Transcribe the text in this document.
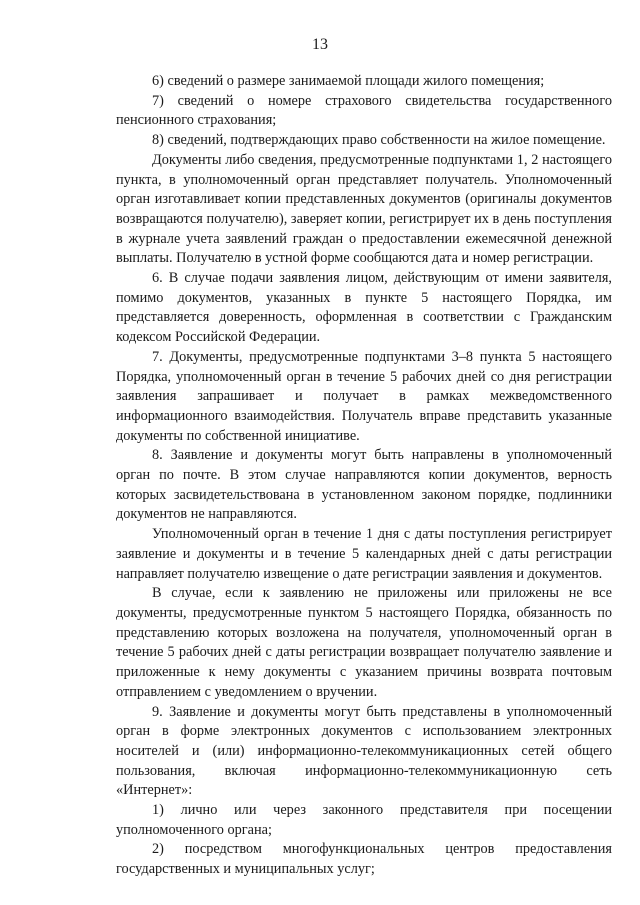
13

6) сведений о размере занимаемой площади жилого помещения;

7) сведений о номере страхового свидетельства государственного пенсионного страхования;

8) сведений, подтверждающих право собственности на жилое помещение.

Документы либо сведения, предусмотренные подпунктами 1, 2 настоящего пункта, в уполномоченный орган представляет получатель. Уполномоченный орган изготавливает копии представленных документов (оригиналы документов возвращаются получателю), заверяет копии, регистрирует их в день поступления в журнале учета заявлений граждан о предоставлении ежемесячной денежной выплаты. Получателю в устной форме сообщаются дата и номер регистрации.

6. В случае подачи заявления лицом, действующим от имени заявителя, помимо документов, указанных в пункте 5 настоящего Порядка, им представляется доверенность, оформленная в соответствии с Гражданским кодексом Российской Федерации.

7. Документы, предусмотренные подпунктами 3–8 пункта 5 настоящего Порядка, уполномоченный орган в течение 5 рабочих дней со дня регистрации заявления запрашивает и получает в рамках межведомственного информационного взаимодействия. Получатель вправе представить указанные документы по собственной инициативе.

8. Заявление и документы могут быть направлены в уполномоченный орган по почте. В этом случае направляются копии документов, верность которых засвидетельствована в установленном законом порядке, подлинники документов не направляются.

Уполномоченный орган в течение 1 дня с даты поступления регистрирует заявление и документы и в течение 5 календарных дней с даты регистрации направляет получателю извещение о дате регистрации заявления и документов.

В случае, если к заявлению не приложены или приложены не все документы, предусмотренные пунктом 5 настоящего Порядка, обязанность по представлению которых возложена на получателя, уполномоченный орган в течение 5 рабочих дней с даты регистрации возвращает получателю заявление и приложенные к нему документы с указанием причины возврата почтовым отправлением с уведомлением о вручении.

9. Заявление и документы могут быть представлены в уполномоченный орган в форме электронных документов с использованием электронных носителей и (или) информационно-телекоммуникационных сетей общего пользования, включая информационно-телекоммуникационную сеть «Интернет»:

1) лично или через законного представителя при посещении уполномоченного органа;

2) посредством многофункциональных центров предоставления государственных и муниципальных услуг;
